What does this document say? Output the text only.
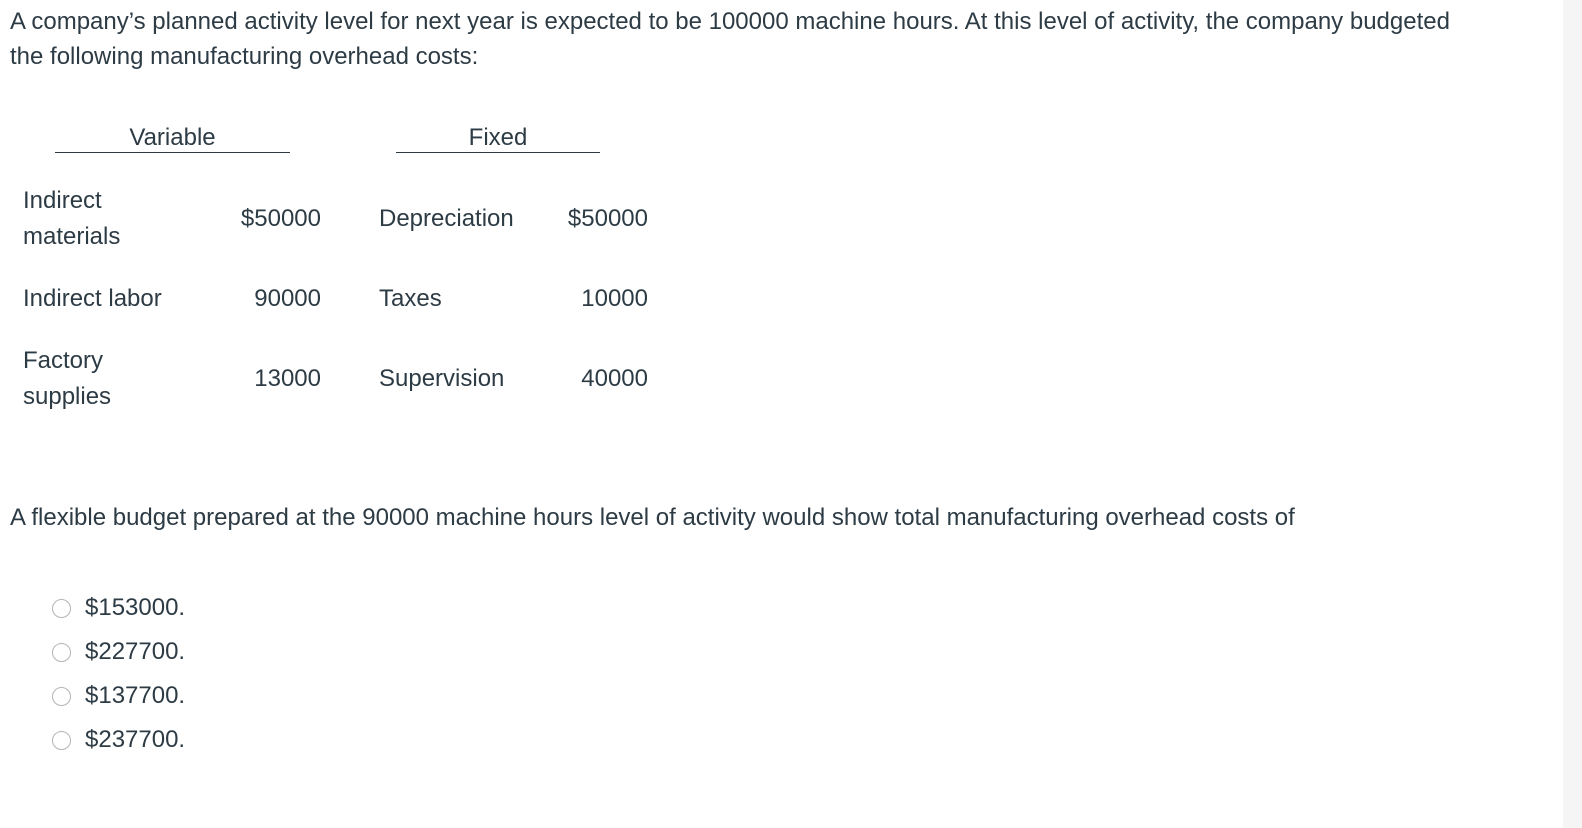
A company’s planned activity level for next year is expected to be 100000 machine hours. At this level of activity, the company budgeted the following manufacturing overhead costs:

Variable	Fixed
Indirect
materials
$50000 Depreciation	$50000
Indirect labor	90000 Taxes	10000
Factory
supplies
13000 Supervision	40000

A flexible budget prepared at the 90000 machine hours level of activity would show total manufacturing overhead costs of

$153000.
$227700.
$137700.
$237700.
